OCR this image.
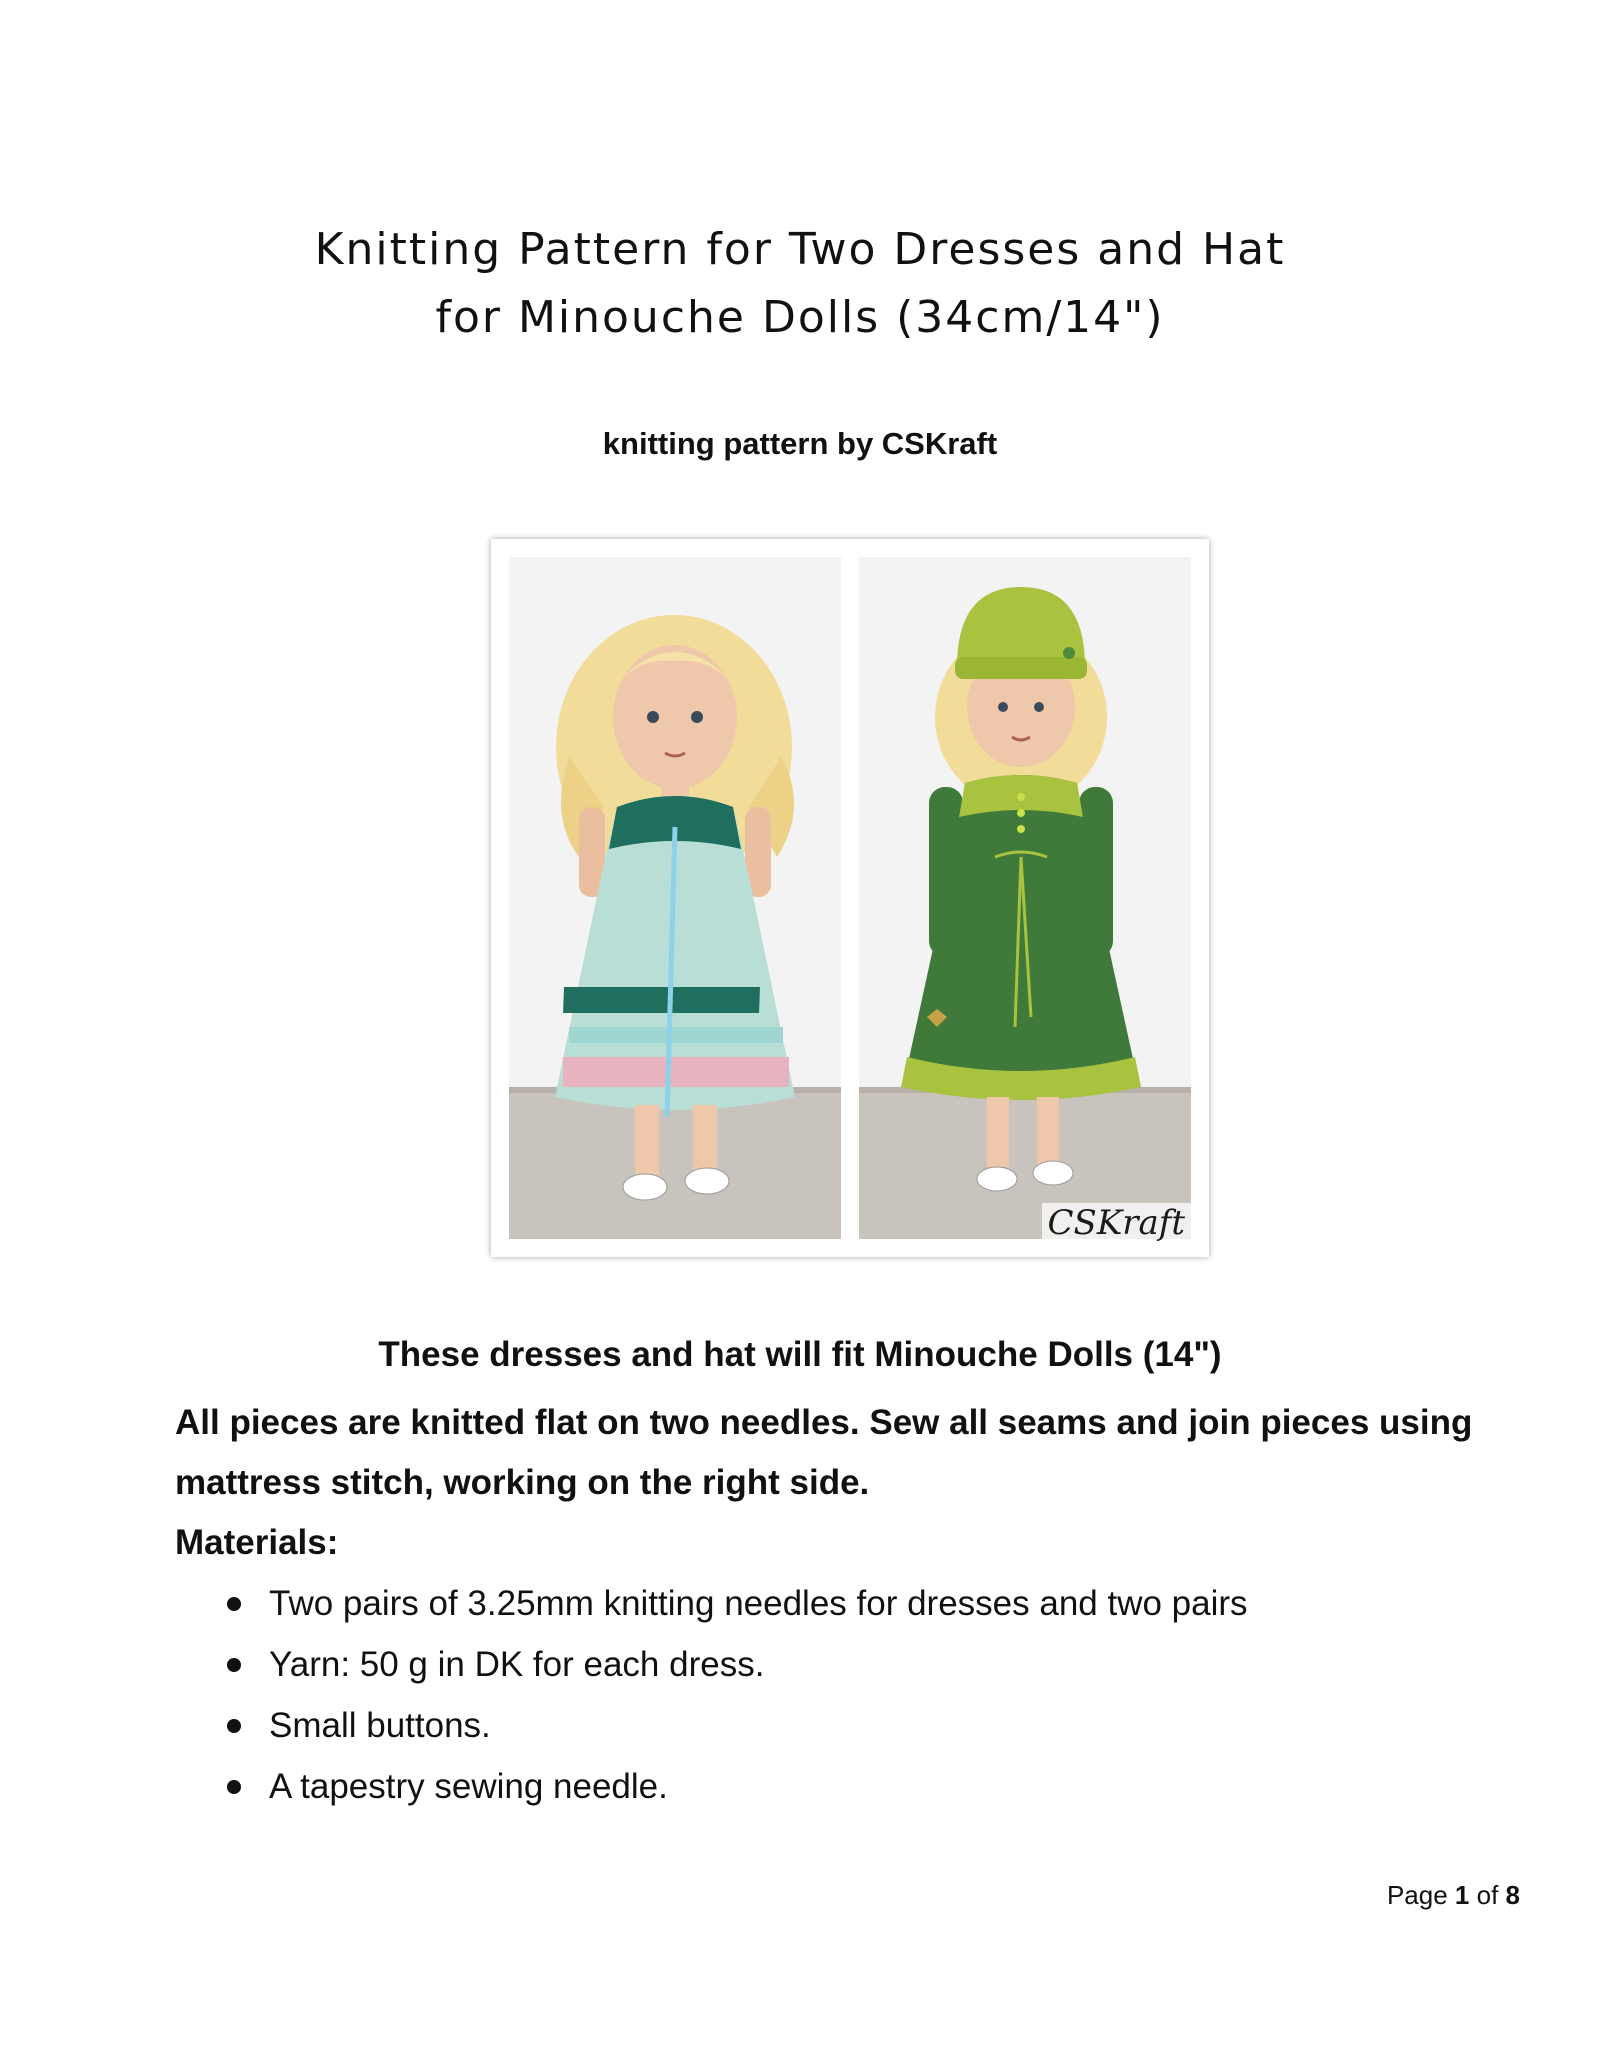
Knitting Pattern for Two Dresses and Hat
for Minouche Dolls (34cm/14")
knitting pattern by CSKraft
CSKraft
These dresses and hat will fit Minouche Dolls (14")
All pieces are knitted flat on two needles. Sew all seams and join pieces using mattress stitch, working on the right side.
Materials:
Two pairs of 3.25mm knitting needles for dresses and two pairs
Yarn: 50 g in DK for each dress.
Small buttons.
A tapestry sewing needle.
Page 1 of 8
